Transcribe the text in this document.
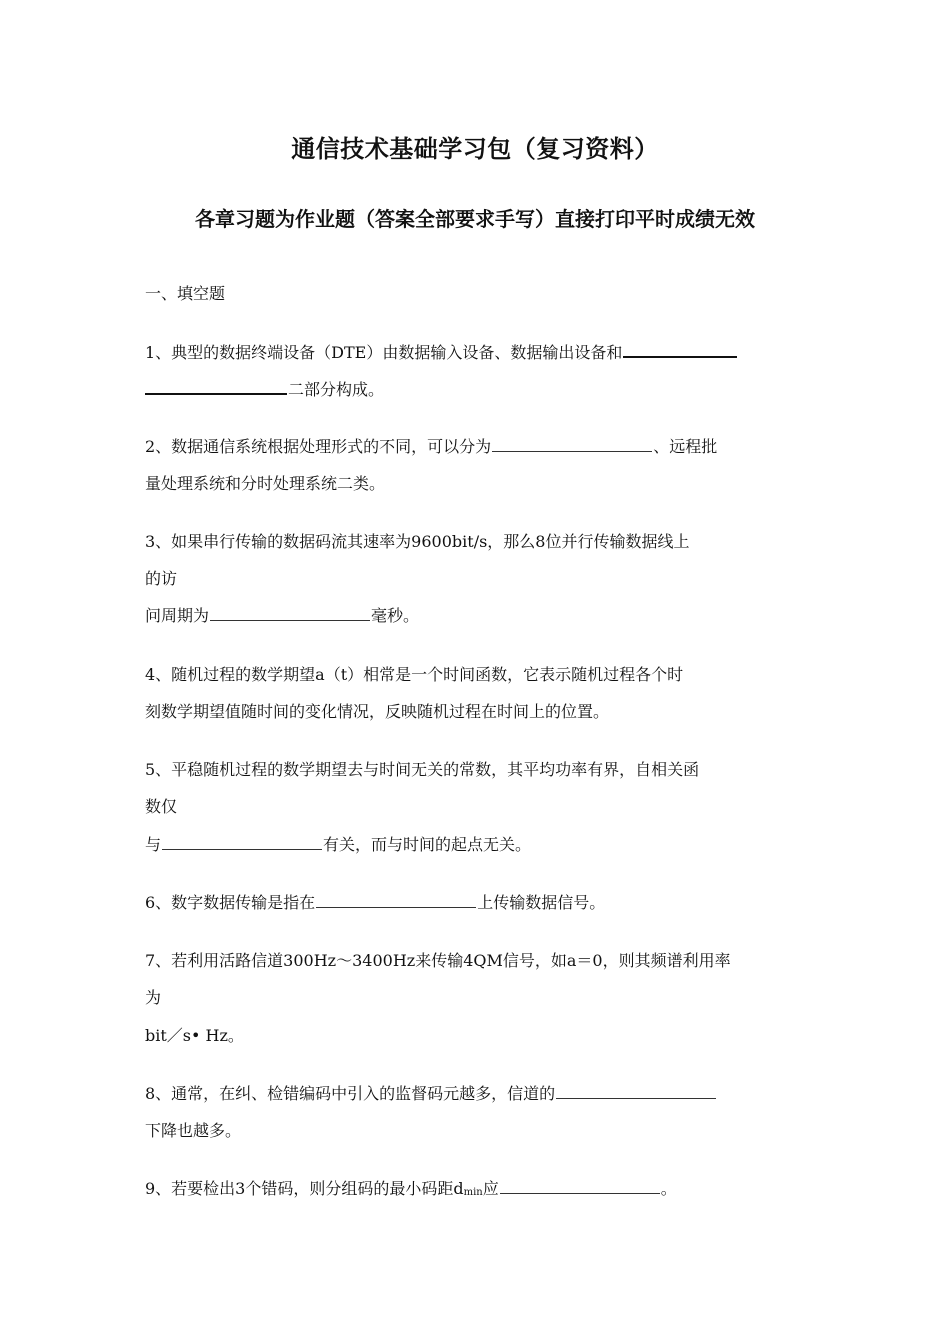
通信技术基础学习包（复习资料）
各章习题为作业题（答案全部要求手写）直接打印平时成绩无效
一、填空题
1、典型的数据终端设备（DTE）由数据输入设备、数据输出设备和
二部分构成。
2、数据通信系统根据处理形式的不同，可以分为	、远程批
量处理系统和分时处理系统二类。
3、如果串行传输的数据码流其速率为9600bit/s，那么8位并行传输数据线上
的访
问周期为	毫秒。
4、随机过程的数学期望a（t）相常是一个时间函数，它表示随机过程各个时
刻数学期望值随时间的变化情况，反映随机过程在时间上的位置。
5、平稳随机过程的数学期望去与时间无关的常数，其平均功率有界，自相关函
数仅
与	有关，而与时间的起点无关。
6、数字数据传输是指在	上传输数据信号。
7、若利用活路信道300Hz～3400Hz来传输4QM信号，如a＝0，则其频谱利用率
为
bit／s• Hz。
8、通常，在纠、检错编码中引入的监督码元越多，信道的
下降也越多。
9、若要检出3个错码，则分组码的最小码距$d_{min}$应	。
